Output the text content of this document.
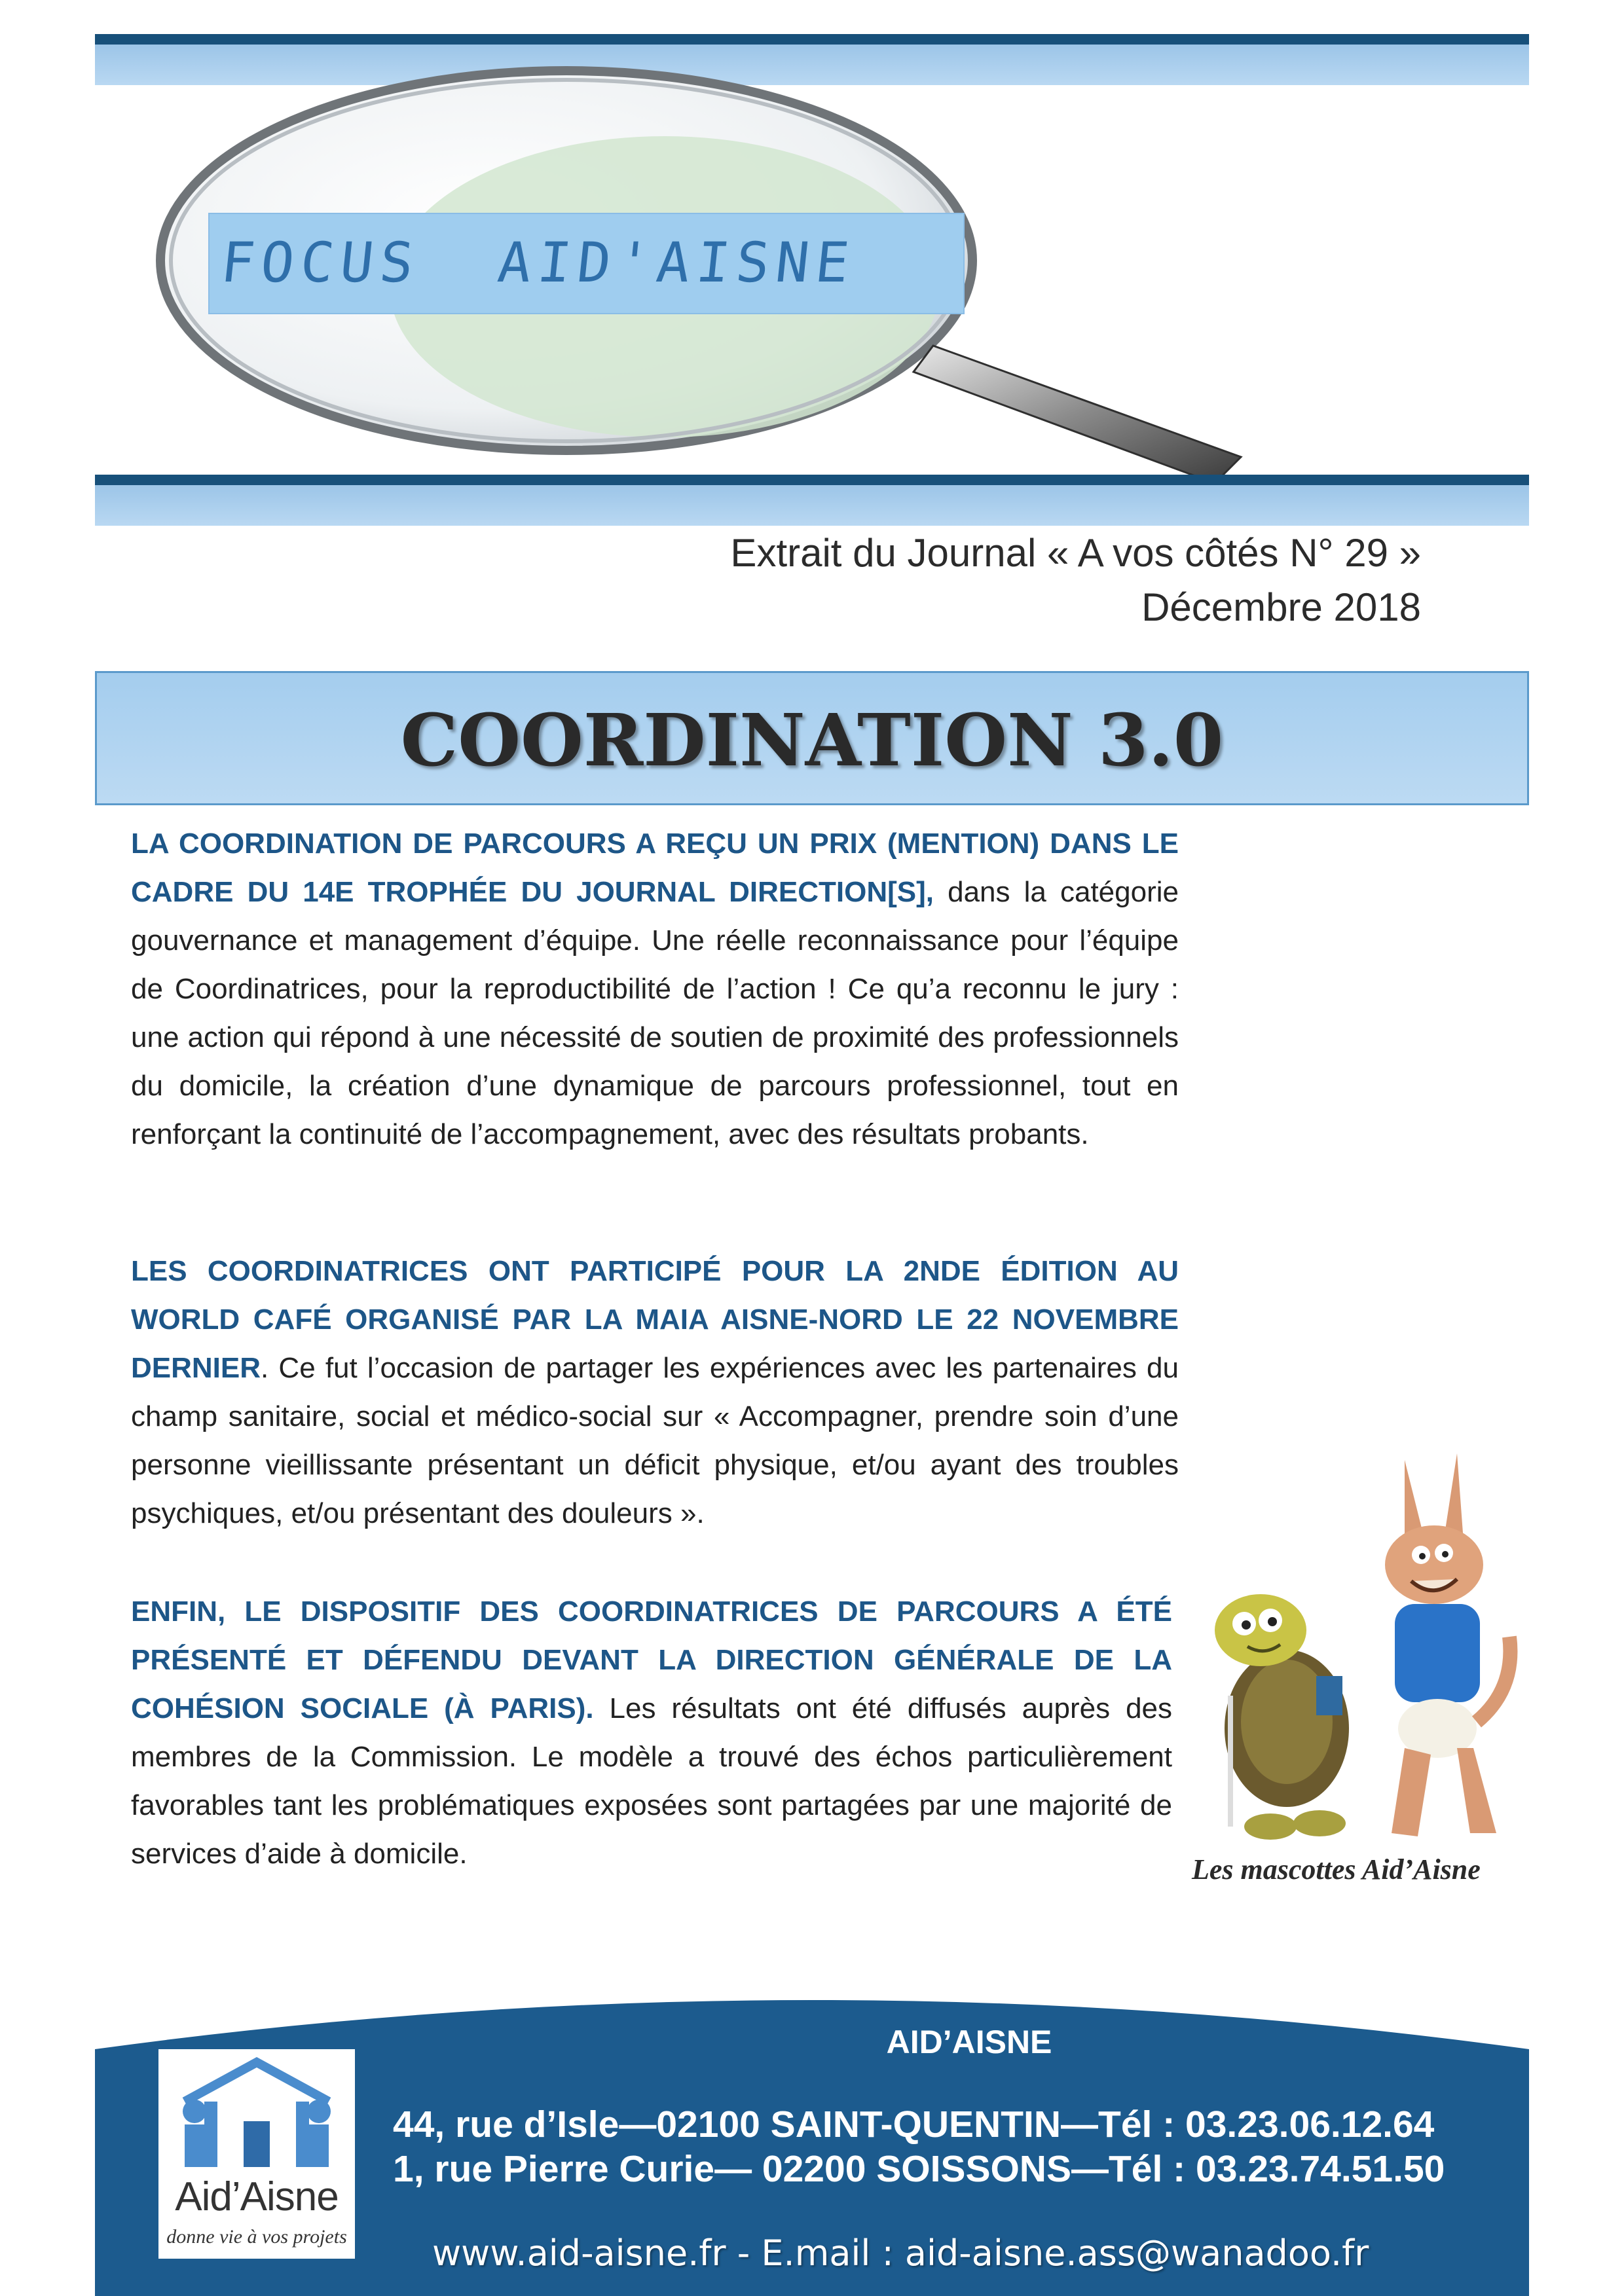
FOCUS AID'AISNE
Extrait du Journal « A vos côtés N° 29 »
Décembre 2018
COORDINATION 3.0

LA COORDINATION DE PARCOURS A REÇU UN PRIX (MENTION) DANS LE CADRE DU 14E TROPHÉE DU JOURNAL DIRECTION[S], dans la catégorie gouvernance et management d’équipe. Une réelle reconnaissance pour l’équipe de Coordinatrices, pour la reproductibilité de l’action ! Ce qu’a reconnu le jury : une action qui répond à une nécessité de soutien de proximité des professionnels du domicile, la création d’une dynamique de parcours professionnel, tout en renforçant la continuité de l’accompagnement, avec des résultats probants.

LES COORDINATRICES ONT PARTICIPÉ POUR LA 2NDE ÉDITION AU WORLD CAFÉ ORGANISÉ PAR LA MAIA AISNE-NORD LE 22 NOVEMBRE DERNIER. Ce fut l’occasion de partager les expériences avec les partenaires du champ sanitaire, social et médico-social sur « Accompagner, prendre soin d’une personne vieillissante présentant un déficit physique, et/ou ayant des troubles psychiques, et/ou présentant des douleurs ».

ENFIN, LE DISPOSITIF DES COORDINATRICES DE PARCOURS A ÉTÉ PRÉSENTÉ ET DÉFENDU DEVANT LA DIRECTION GÉNÉRALE DE LA COHÉSION SOCIALE (À PARIS). Les résultats ont été diffusés auprès des membres de la Commission. Le modèle a trouvé des échos particulièrement favorables tant les problématiques exposées sont partagées par une majorité de services d’aide à domicile.	Les mascottes Aid’Aisne
Aid’Aisne
donne vie à vos projets
AID’AISNE
44, rue d’Isle—02100 SAINT-QUENTIN—Tél : 03.23.06.12.64
1, rue Pierre Curie— 02200 SOISSONS—Tél : 03.23.74.51.50
www.aid-aisne.fr - E.mail : aid-aisne.ass@wanadoo.fr
